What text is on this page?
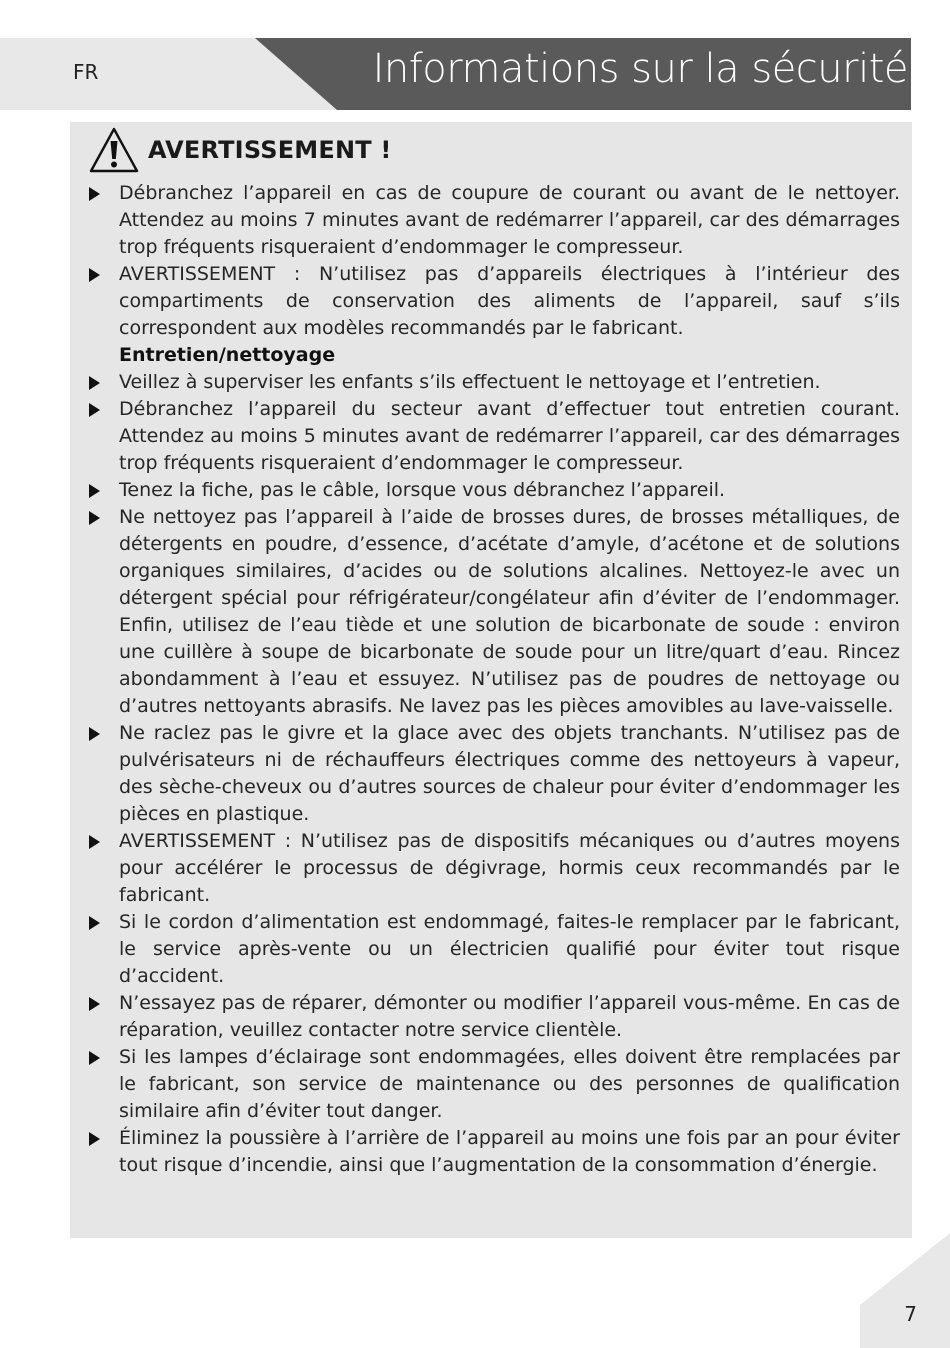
FR	Informations sur la sécurité
AVERTISSEMENT !
Débranchez l’appareil en cas de coupure de courant ou avant de le nettoyer. Attendez au moins 7 minutes avant de redémarrer l’appareil, car des démarrages trop fréquents risqueraient d’endommager le compresseur.
AVERTISSEMENT : N’utilisez pas d’appareils électriques à l’intérieur des compartiments de conservation des aliments de l’appareil, sauf s’ils correspondent aux modèles recommandés par le fabricant.
Entretien/nettoyage
Veillez à superviser les enfants s’ils effectuent le nettoyage et l’entretien.
Débranchez l’appareil du secteur avant d’effectuer tout entretien courant. Attendez au moins 5 minutes avant de redémarrer l’appareil, car des démarrages trop fréquents risqueraient d’endommager le compresseur.
Tenez la fiche, pas le câble, lorsque vous débranchez l’appareil.
Ne nettoyez pas l’appareil à l’aide de brosses dures, de brosses métalliques, de détergents en poudre, d’essence, d’acétate d’amyle, d’acétone et de solutions organiques similaires, d’acides ou de solutions alcalines. Nettoyez-le avec un détergent spécial pour réfrigérateur/congélateur afin d’éviter de l’endommager. Enfin, utilisez de l’eau tiède et une solution de bicarbonate de soude : environ une cuillère à soupe de bicarbonate de soude pour un litre/quart d’eau. Rincez abondamment à l’eau et essuyez. N’utilisez pas de poudres de nettoyage ou d’autres nettoyants abrasifs. Ne lavez pas les pièces amovibles au lave-vaisselle.
Ne raclez pas le givre et la glace avec des objets tranchants. N’utilisez pas de pulvérisateurs ni de réchauffeurs électriques comme des nettoyeurs à vapeur, des sèche-cheveux ou d’autres sources de chaleur pour éviter d’endommager les pièces en plastique.
AVERTISSEMENT : N’utilisez pas de dispositifs mécaniques ou d’autres moyens pour accélérer le processus de dégivrage, hormis ceux recommandés par le fabricant.
Si le cordon d’alimentation est endommagé, faites-le remplacer par le fabricant, le service après-vente ou un électricien qualifié pour éviter tout risque d’accident.
N’essayez pas de réparer, démonter ou modifier l’appareil vous-même. En cas de réparation, veuillez contacter notre service clientèle.
Si les lampes d’éclairage sont endommagées, elles doivent être remplacées par le fabricant, son service de maintenance ou des personnes de qualification similaire afin d’éviter tout danger.
Éliminez la poussière à l’arrière de l’appareil au moins une fois par an pour éviter tout risque d’incendie, ainsi que l’augmentation de la consommation d’énergie.
7
